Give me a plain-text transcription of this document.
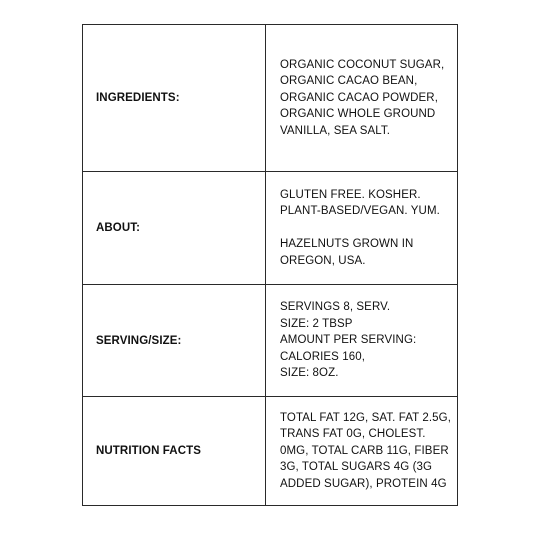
INGREDIENTS:
ORGANIC COCONUT SUGAR,
ORGANIC CACAO BEAN,
ORGANIC CACAO POWDER,
ORGANIC WHOLE GROUND
VANILLA, SEA SALT.
ABOUT:
GLUTEN FREE. KOSHER.
PLANT-BASED/VEGAN. YUM.
HAZELNUTS GROWN IN
OREGON, USA.
SERVING/SIZE:
SERVINGS 8, SERV.
SIZE: 2 TBSP
AMOUNT PER SERVING:
CALORIES 160,
SIZE: 8OZ.
NUTRITION FACTS
TOTAL FAT 12G, SAT. FAT 2.5G,
TRANS FAT 0G, CHOLEST.
0MG, TOTAL CARB 11G, FIBER
3G, TOTAL SUGARS 4G (3G
ADDED SUGAR), PROTEIN 4G
